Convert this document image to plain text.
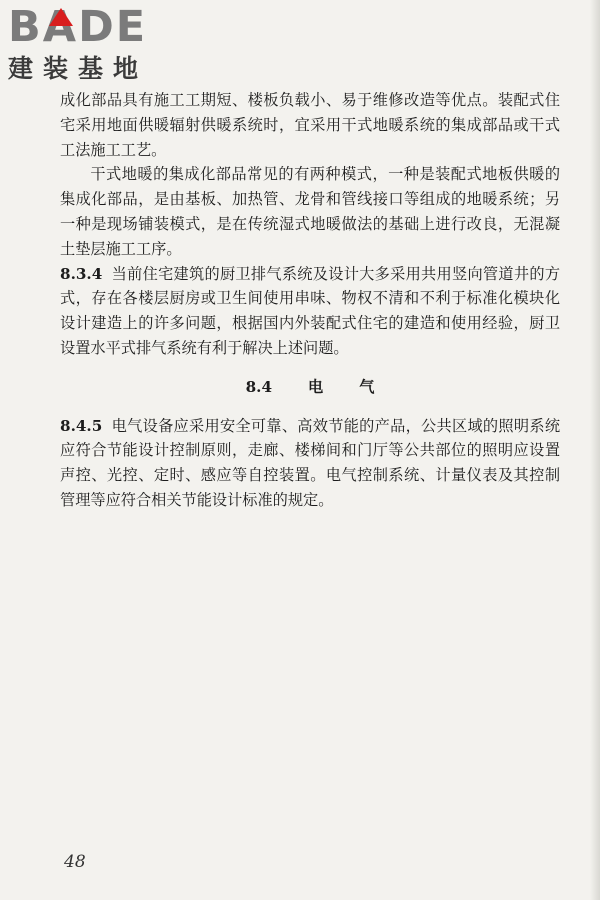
BA
DE
建装基地

成化部品具有施工工期短、楼板负载小、易于维修改造等优点。装配式住宅采用地面供暖辐射供暖系统时，宜采用干式地暖系统的集成部品或干式工法施工工艺。

干式地暖的集成化部品常见的有两种模式，一种是装配式地板供暖的集成化部品，是由基板、加热管、龙骨和管线接口等组成的地暖系统；另一种是现场铺装模式，是在传统湿式地暖做法的基础上进行改良，无混凝土垫层施工工序。

8.3.4 当前住宅建筑的厨卫排气系统及设计大多采用共用竖向管道井的方式，存在各楼层厨房或卫生间使用串味、物权不清和不利于标准化模块化设计建造上的许多问题，根据国内外装配式住宅的建造和使用经验，厨卫设置水平式排气系统有利于解决上述问题。

8.4 电 气

8.4.5 电气设备应采用安全可靠、高效节能的产品，公共区域的照明系统应符合节能设计控制原则，走廊、楼梯间和门厅等公共部位的照明应设置声控、光控、定时、感应等自控装置。电气控制系统、计量仪表及其控制管理等应符合相关节能设计标准的规定。

48
